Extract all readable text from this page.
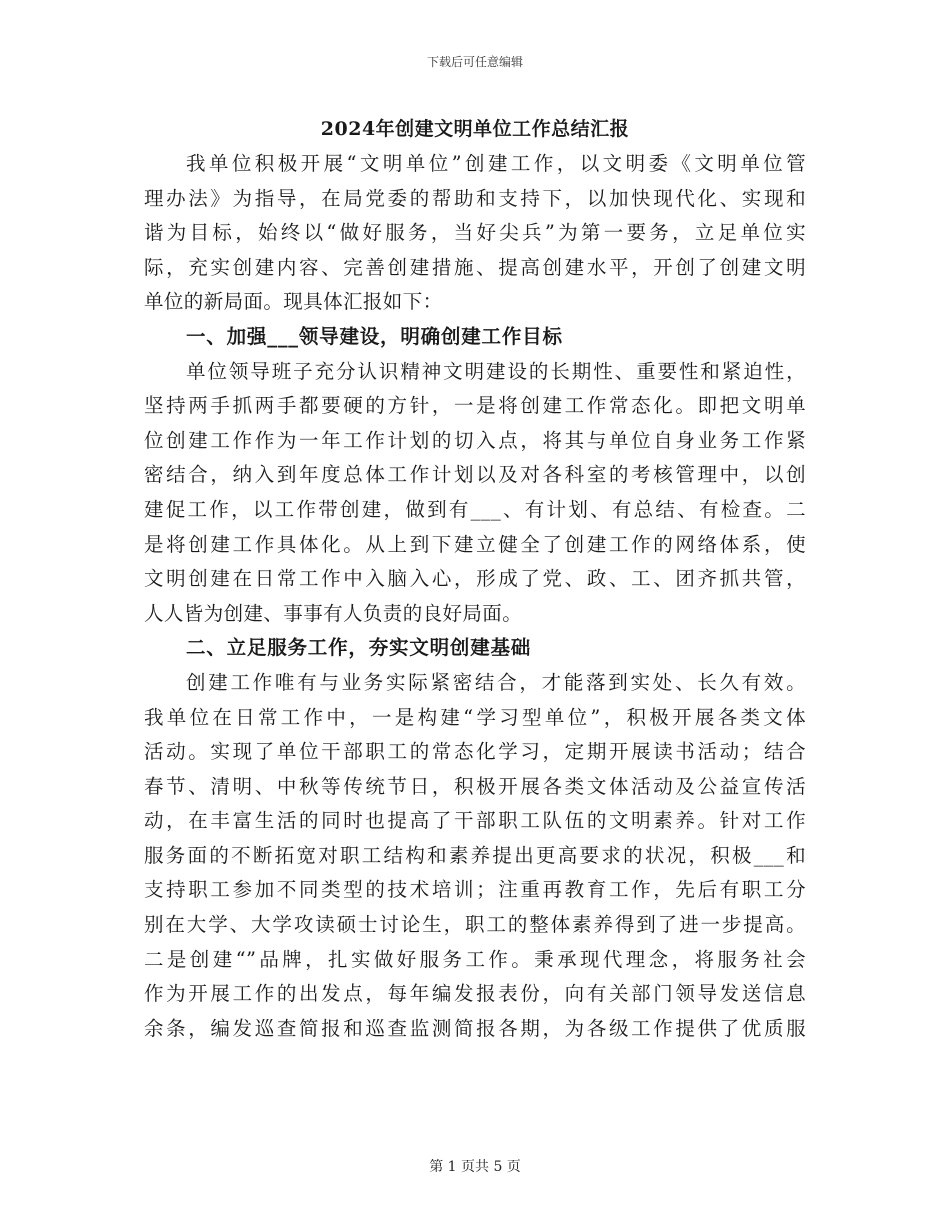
下载后可任意编辑
2024年创建文明单位工作总结汇报
我单位积极开展“文明单位”创建工作，以文明委《文明单位管
理办法》为指导，在局党委的帮助和支持下，以加快现代化、实现和
谐为目标，始终以“做好服务，当好尖兵”为第一要务，立足单位实
际，充实创建内容、完善创建措施、提高创建水平，开创了创建文明
单位的新局面。现具体汇报如下：
一、加强___领导建设，明确创建工作目标
单位领导班子充分认识精神文明建设的长期性、重要性和紧迫性，
坚持两手抓两手都要硬的方针，一是将创建工作常态化。即把文明单
位创建工作作为一年工作计划的切入点，将其与单位自身业务工作紧
密结合，纳入到年度总体工作计划以及对各科室的考核管理中，以创
建促工作，以工作带创建，做到有___、有计划、有总结、有检查。二
是将创建工作具体化。从上到下建立健全了创建工作的网络体系，使
文明创建在日常工作中入脑入心，形成了党、政、工、团齐抓共管，
人人皆为创建、事事有人负责的良好局面。
二、立足服务工作，夯实文明创建基础
创建工作唯有与业务实际紧密结合，才能落到实处、长久有效。
我单位在日常工作中，一是构建“学习型单位”，积极开展各类文体
活动。实现了单位干部职工的常态化学习，定期开展读书活动；结合
春节、清明、中秋等传统节日，积极开展各类文体活动及公益宣传活
动，在丰富生活的同时也提高了干部职工队伍的文明素养。针对工作
服务面的不断拓宽对职工结构和素养提出更高要求的状况，积极___和
支持职工参加不同类型的技术培训；注重再教育工作，先后有职工分
别在大学、大学攻读硕士讨论生，职工的整体素养得到了进一步提高。
二是创建“”品牌，扎实做好服务工作。秉承现代理念，将服务社会
作为开展工作的出发点，每年编发报表份，向有关部门领导发送信息
余条，编发巡查简报和巡查监测简报各期，为各级工作提供了优质服
第 1 页共 5 页
